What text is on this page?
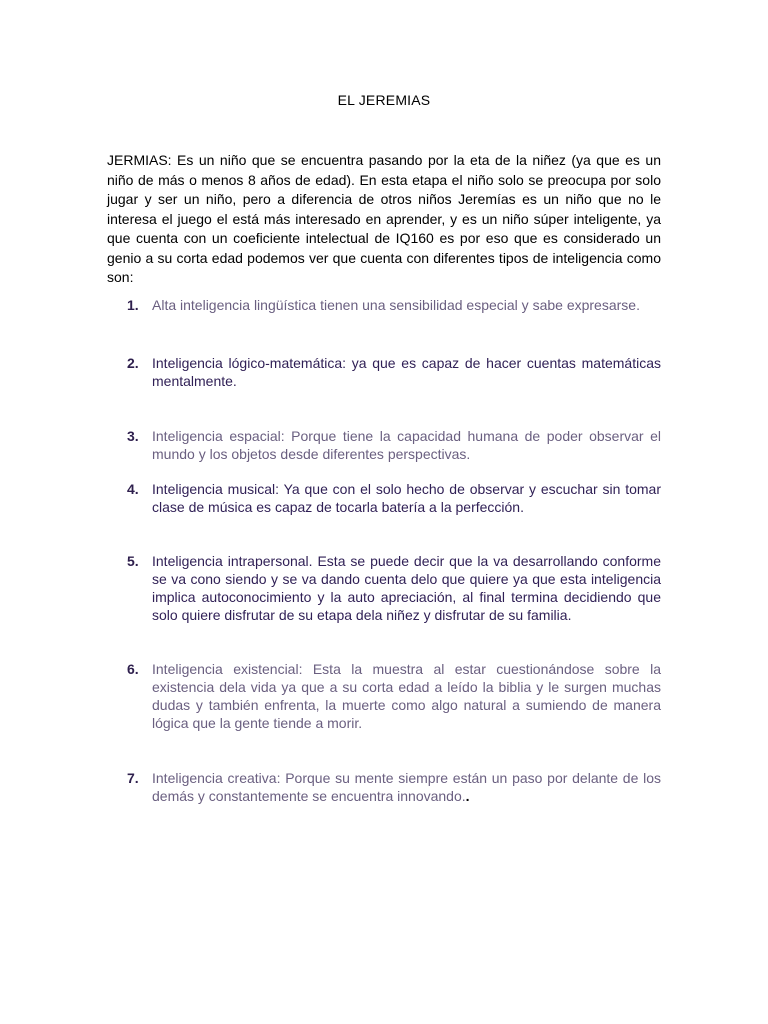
EL JEREMIAS
JERMIAS: Es un niño que se encuentra pasando por la eta de la niñez (ya que es un niño de más o menos 8 años de edad). En esta etapa el niño solo se preocupa por solo jugar y ser un niño, pero a diferencia de otros niños Jeremías es un niño que no le interesa el juego el está más interesado en aprender, y es un niño súper inteligente, ya que cuenta con un coeficiente intelectual de IQ160 es por eso que es considerado un genio a su corta edad podemos ver que cuenta con diferentes tipos de inteligencia como son:
1. Alta inteligencia lingüística tienen una sensibilidad especial y sabe expresarse.
2. Inteligencia lógico-matemática: ya que es capaz de hacer cuentas matemáticas mentalmente.
3. Inteligencia espacial: Porque tiene la capacidad humana de poder observar el mundo y los objetos desde diferentes perspectivas.
4. Inteligencia musical: Ya que con el solo hecho de observar y escuchar sin tomar clase de música es capaz de tocarla batería a la perfección.
5. Inteligencia intrapersonal. Esta se puede decir que la va desarrollando conforme se va cono siendo y se va dando cuenta delo que quiere ya que esta inteligencia implica autoconocimiento y la auto apreciación, al final termina decidiendo que solo quiere disfrutar de su etapa dela niñez y disfrutar de su familia.
6. Inteligencia existencial: Esta la muestra al estar cuestionándose sobre la existencia dela vida ya que a su corta edad a leído la biblia y le surgen muchas dudas y también enfrenta, la muerte como algo natural a sumiendo de manera lógica que la gente tiende a morir.
7. Inteligencia creativa: Porque su mente siempre están un paso por delante de los demás y constantemente se encuentra innovando..
